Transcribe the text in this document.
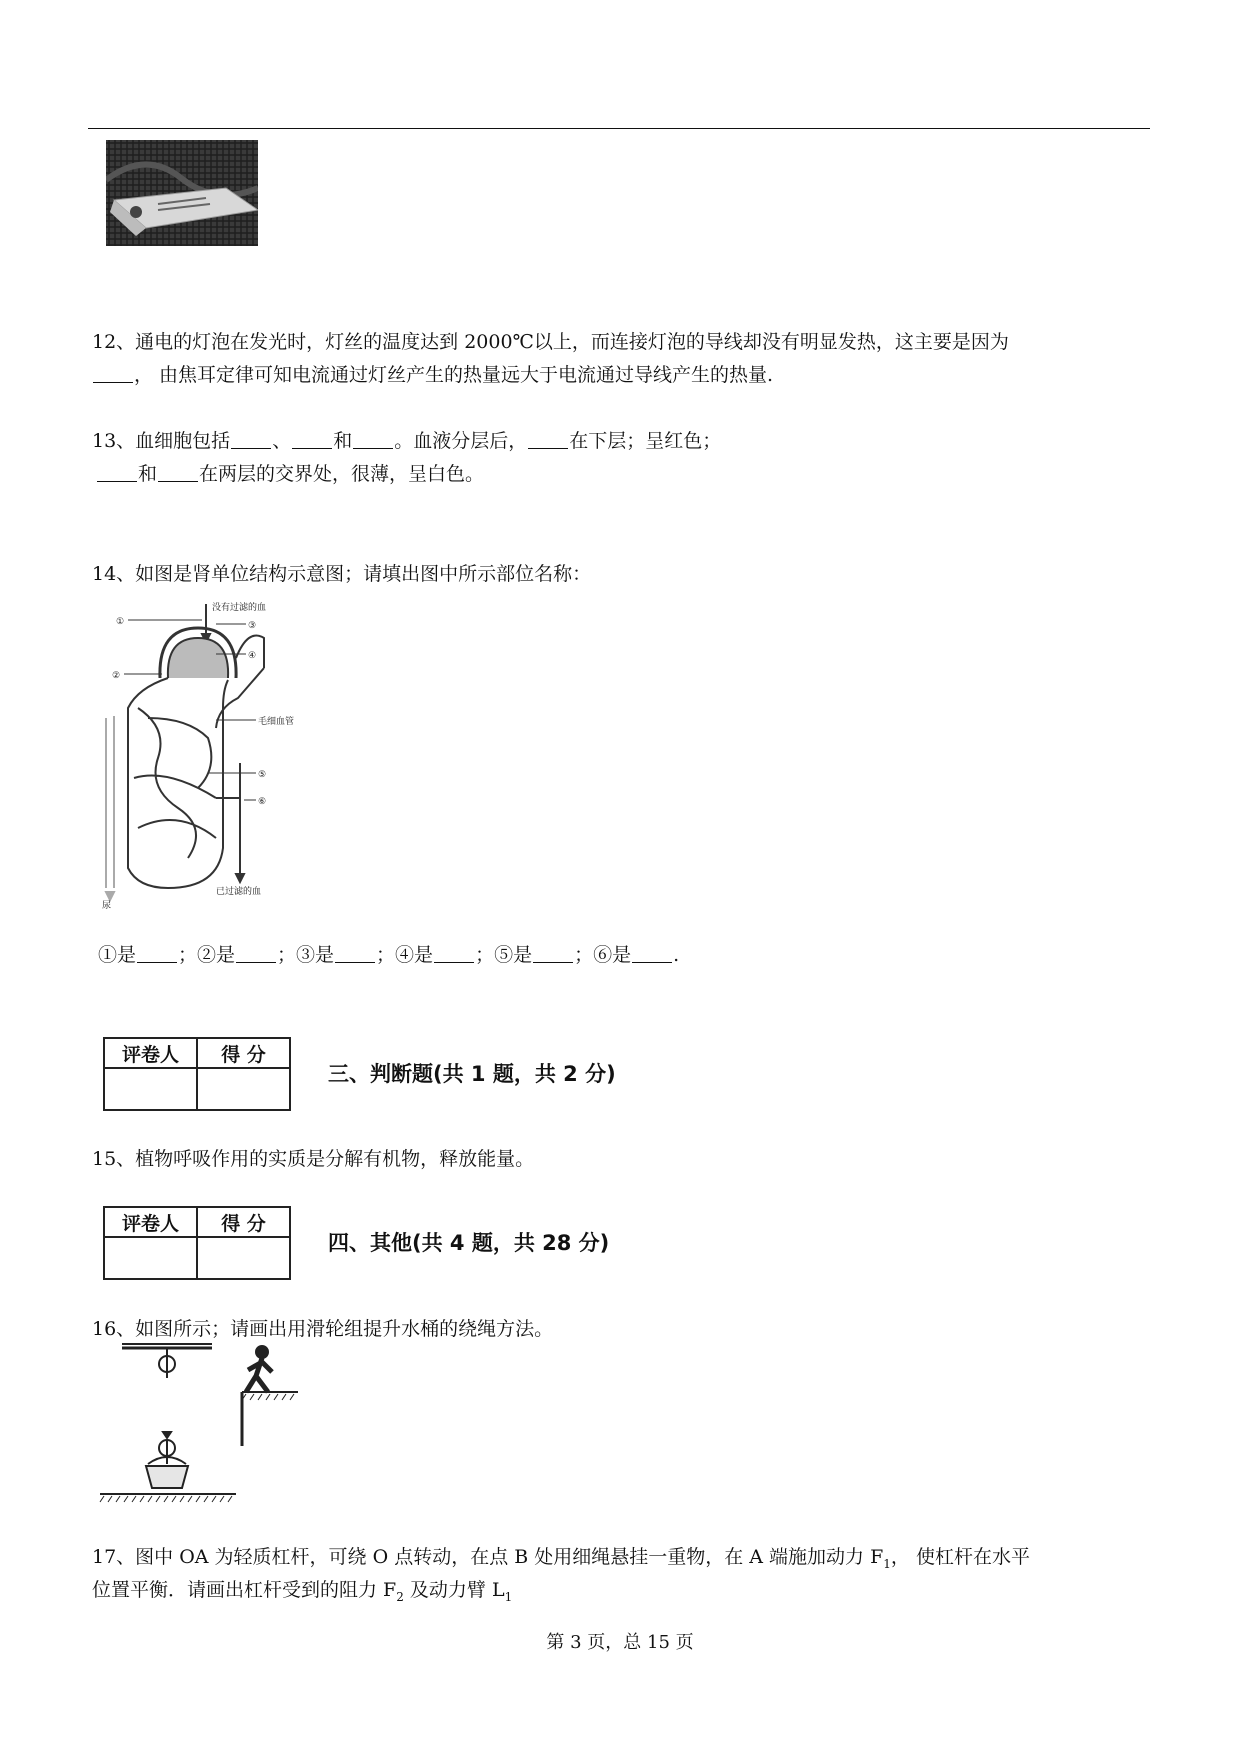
12、通电的灯泡在发光时，灯丝的温度达到 2000℃以上，而连接灯泡的导线却没有明显发热，这主要是因为
， 由焦耳定律可知电流通过灯丝产生的热量远大于电流通过导线产生的热量.
13、血细胞包括 、 和 。血液分层后， 在下层；呈红色；
和 在两层的交界处，很薄，呈白色。
14、如图是肾单位结构示意图；请填出图中所示部位名称：
①
②
③
④
⑤
⑥
没有过滤的血
毛细血管
尿
已过滤的血
①是 ；②是 ；③是 ；④是 ；⑤是 ；⑥是 .
评卷人	得 分

三、判断题(共 1 题，共 2 分)
15、植物呼吸作用的实质是分解有机物，释放能量。
评卷人	得 分

四、其他(共 4 题，共 28 分)
16、如图所示；请画出用滑轮组提升水桶的绕绳方法。
17、图中 OA 为轻质杠杆，可绕 O 点转动，在点 B 处用细绳悬挂一重物，在 A 端施加动力 $F_1$， 使杠杆在水平
位置平衡．请画出杠杆受到的阻力 $F_2$ 及动力臂 $L_1$
第 3 页，总 15 页
